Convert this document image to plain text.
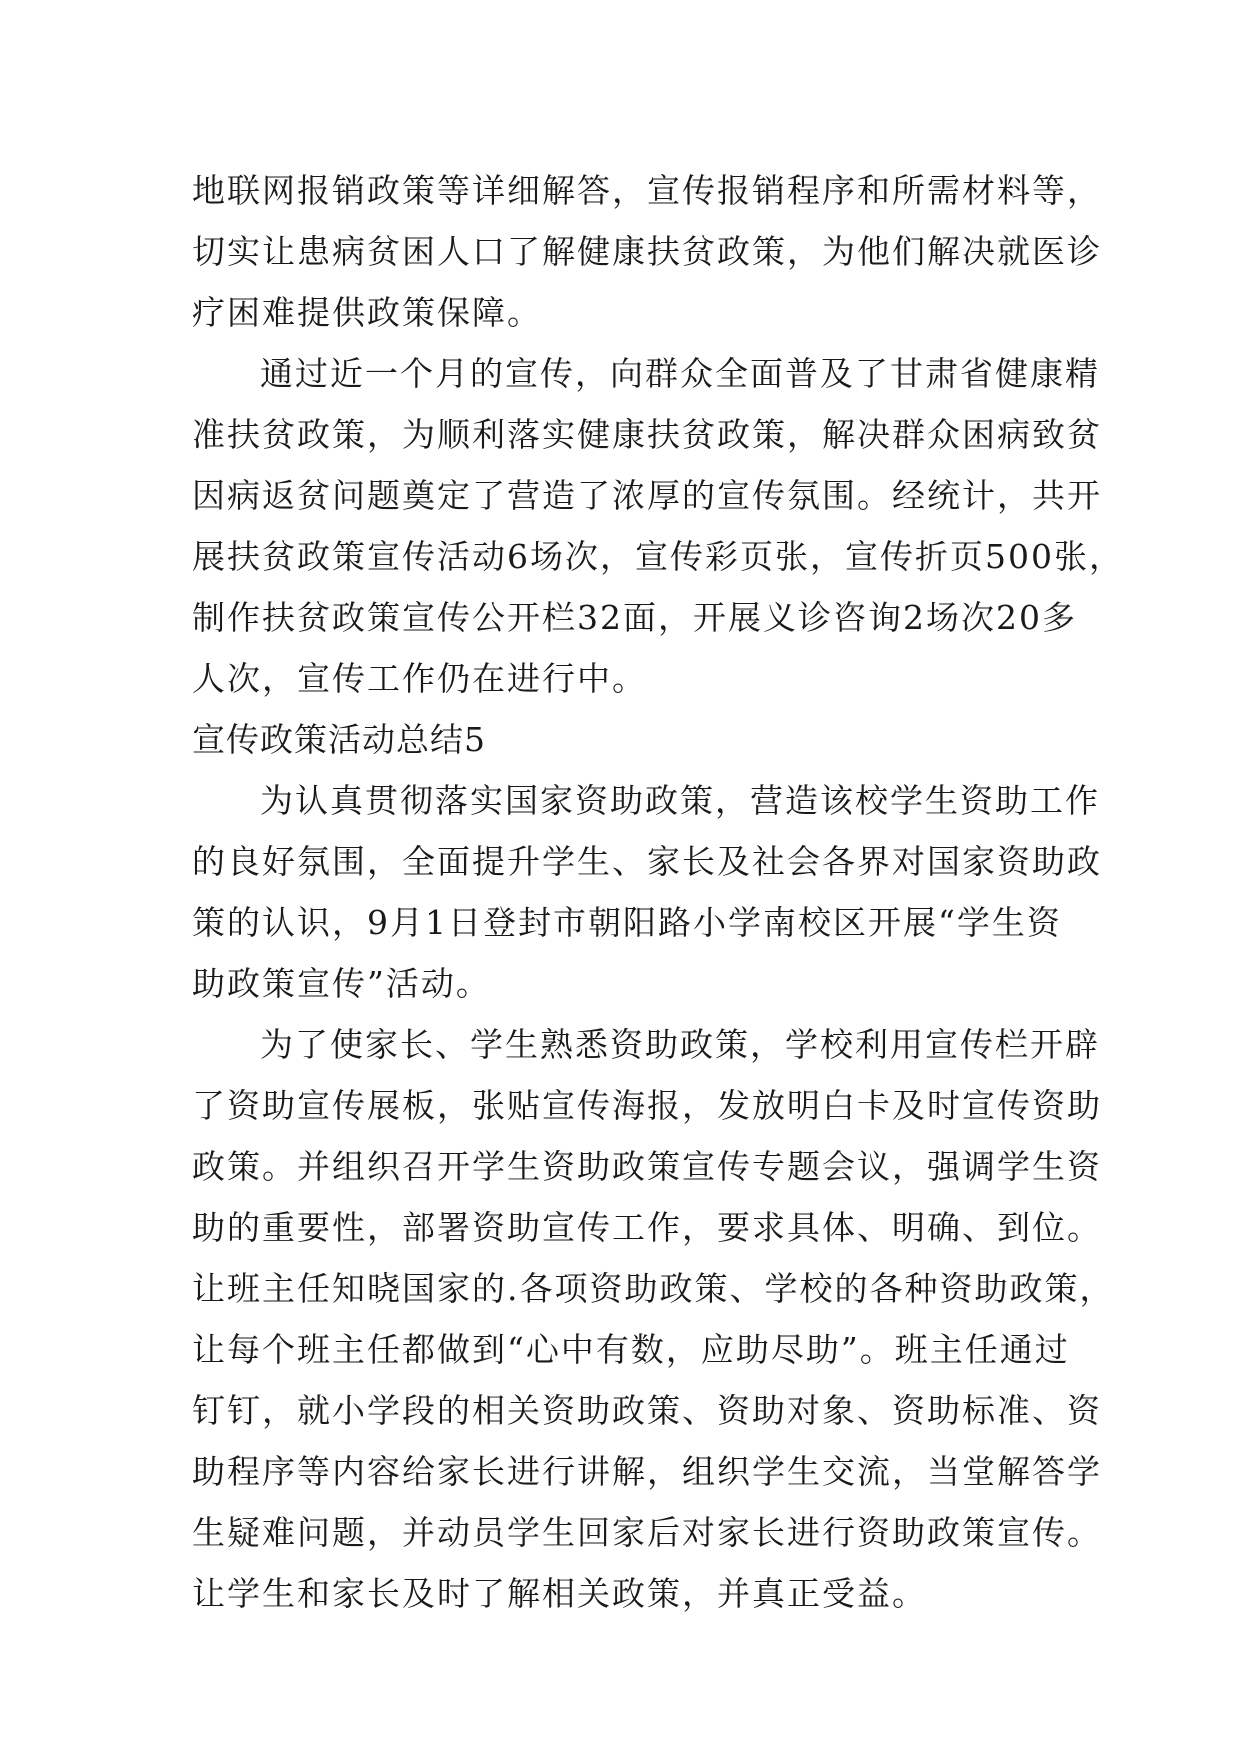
地联网报销政策等详细解答，宣传报销程序和所需材料等，
切实让患病贫困人口了解健康扶贫政策，为他们解决就医诊
疗困难提供政策保障。
通过近一个月的宣传，向群众全面普及了甘肃省健康精
准扶贫政策，为顺利落实健康扶贫政策，解决群众困病致贫
因病返贫问题奠定了营造了浓厚的宣传氛围。经统计，共开
展扶贫政策宣传活动6场次，宣传彩页张，宣传折页500张，
制作扶贫政策宣传公开栏32面，开展义诊咨询2场次20多
人次，宣传工作仍在进行中。
宣传政策活动总结5
为认真贯彻落实国家资助政策，营造该校学生资助工作
的良好氛围，全面提升学生、家长及社会各界对国家资助政
策的认识，9月1日登封市朝阳路小学南校区开展“学生资
助政策宣传”活动。
为了使家长、学生熟悉资助政策，学校利用宣传栏开辟
了资助宣传展板，张贴宣传海报，发放明白卡及时宣传资助
政策。并组织召开学生资助政策宣传专题会议，强调学生资
助的重要性，部署资助宣传工作，要求具体、明确、到位。
让班主任知晓国家的.各项资助政策、学校的各种资助政策，
让每个班主任都做到“心中有数，应助尽助”。班主任通过
钉钉，就小学段的相关资助政策、资助对象、资助标准、资
助程序等内容给家长进行讲解，组织学生交流，当堂解答学
生疑难问题，并动员学生回家后对家长进行资助政策宣传。
让学生和家长及时了解相关政策，并真正受益。
